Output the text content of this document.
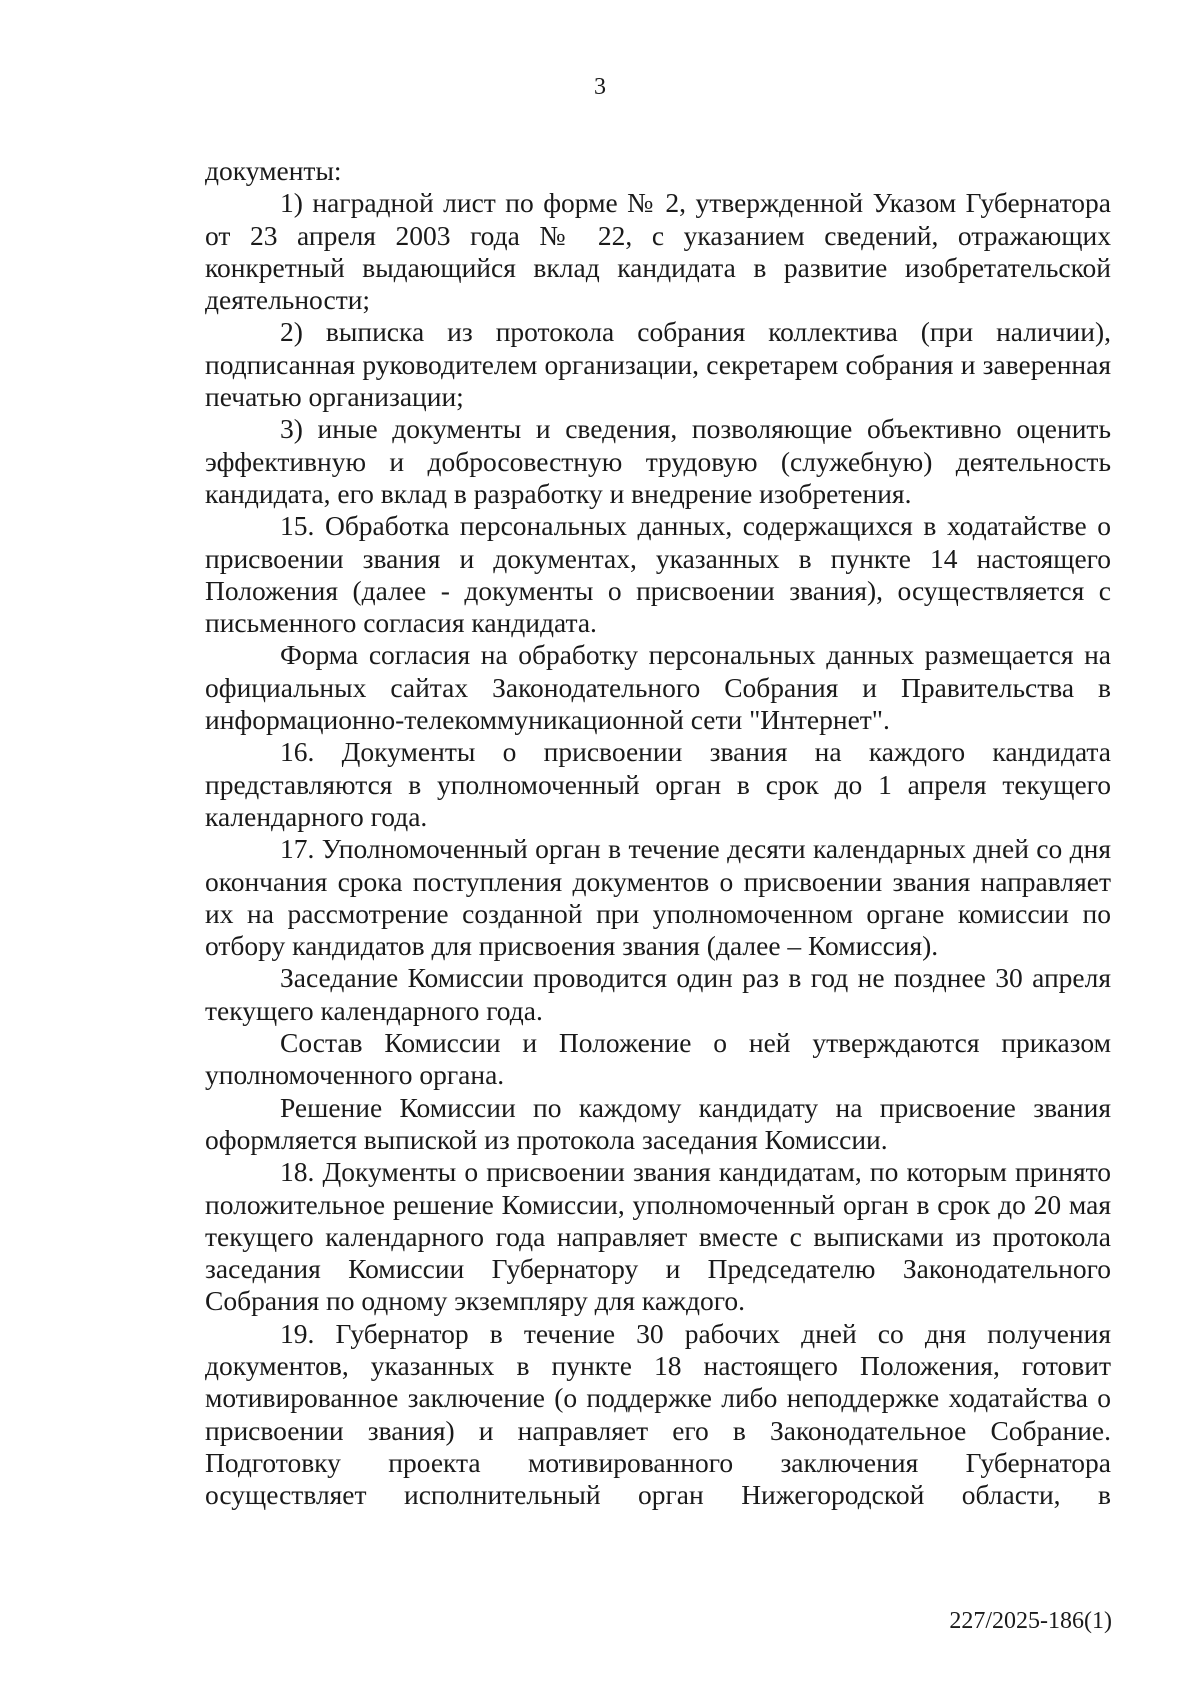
3

документы:

1) наградной лист по форме № 2, утвержденной Указом Губернатора от 23 апреля 2003 года № 22, с указанием сведений, отражающих конкретный выдающийся вклад кандидата в развитие изобретательской деятельности;

2) выписка из протокола собрания коллектива (при наличии), подписанная руководителем организации, секретарем собрания и заверенная печатью организации;

3) иные документы и сведения, позволяющие объективно оценить эффективную и добросовестную трудовую (служебную) деятельность кандидата, его вклад в разработку и внедрение изобретения.

15. Обработка персональных данных, содержащихся в ходатайстве о присвоении звания и документах, указанных в пункте 14 настоящего Положения (далее - документы о присвоении звания), осуществляется с письменного согласия кандидата.

Форма согласия на обработку персональных данных размещается на официальных сайтах Законодательного Собрания и Правительства в информационно-телекоммуникационной сети "Интернет".

16. Документы о присвоении звания на каждого кандидата представляются в уполномоченный орган в срок до 1 апреля текущего календарного года.

17. Уполномоченный орган в течение десяти календарных дней со дня окончания срока поступления документов о присвоении звания направляет их на рассмотрение созданной при уполномоченном органе комиссии по отбору кандидатов для присвоения звания (далее – Комиссия).

Заседание Комиссии проводится один раз в год не позднее 30 апреля текущего календарного года.

Состав Комиссии и Положение о ней утверждаются приказом уполномоченного органа.

Решение Комиссии по каждому кандидату на присвоение звания оформляется выпиской из протокола заседания Комиссии.

18. Документы о присвоении звания кандидатам, по которым принято положительное решение Комиссии, уполномоченный орган в срок до 20 мая текущего календарного года направляет вместе с выписками из протокола заседания Комиссии Губернатору и Председателю Законодательного Собрания по одному экземпляру для каждого.

19. Губернатор в течение 30 рабочих дней со дня получения документов, указанных в пункте 18 настоящего Положения, готовит мотивированное заключение (о поддержке либо неподдержке ходатайства о присвоении звания) и направляет его в Законодательное Собрание. Подготовку проекта мотивированного заключения Губернатора осуществляет исполнительный орган Нижегородской области, в

227/2025-186(1)
